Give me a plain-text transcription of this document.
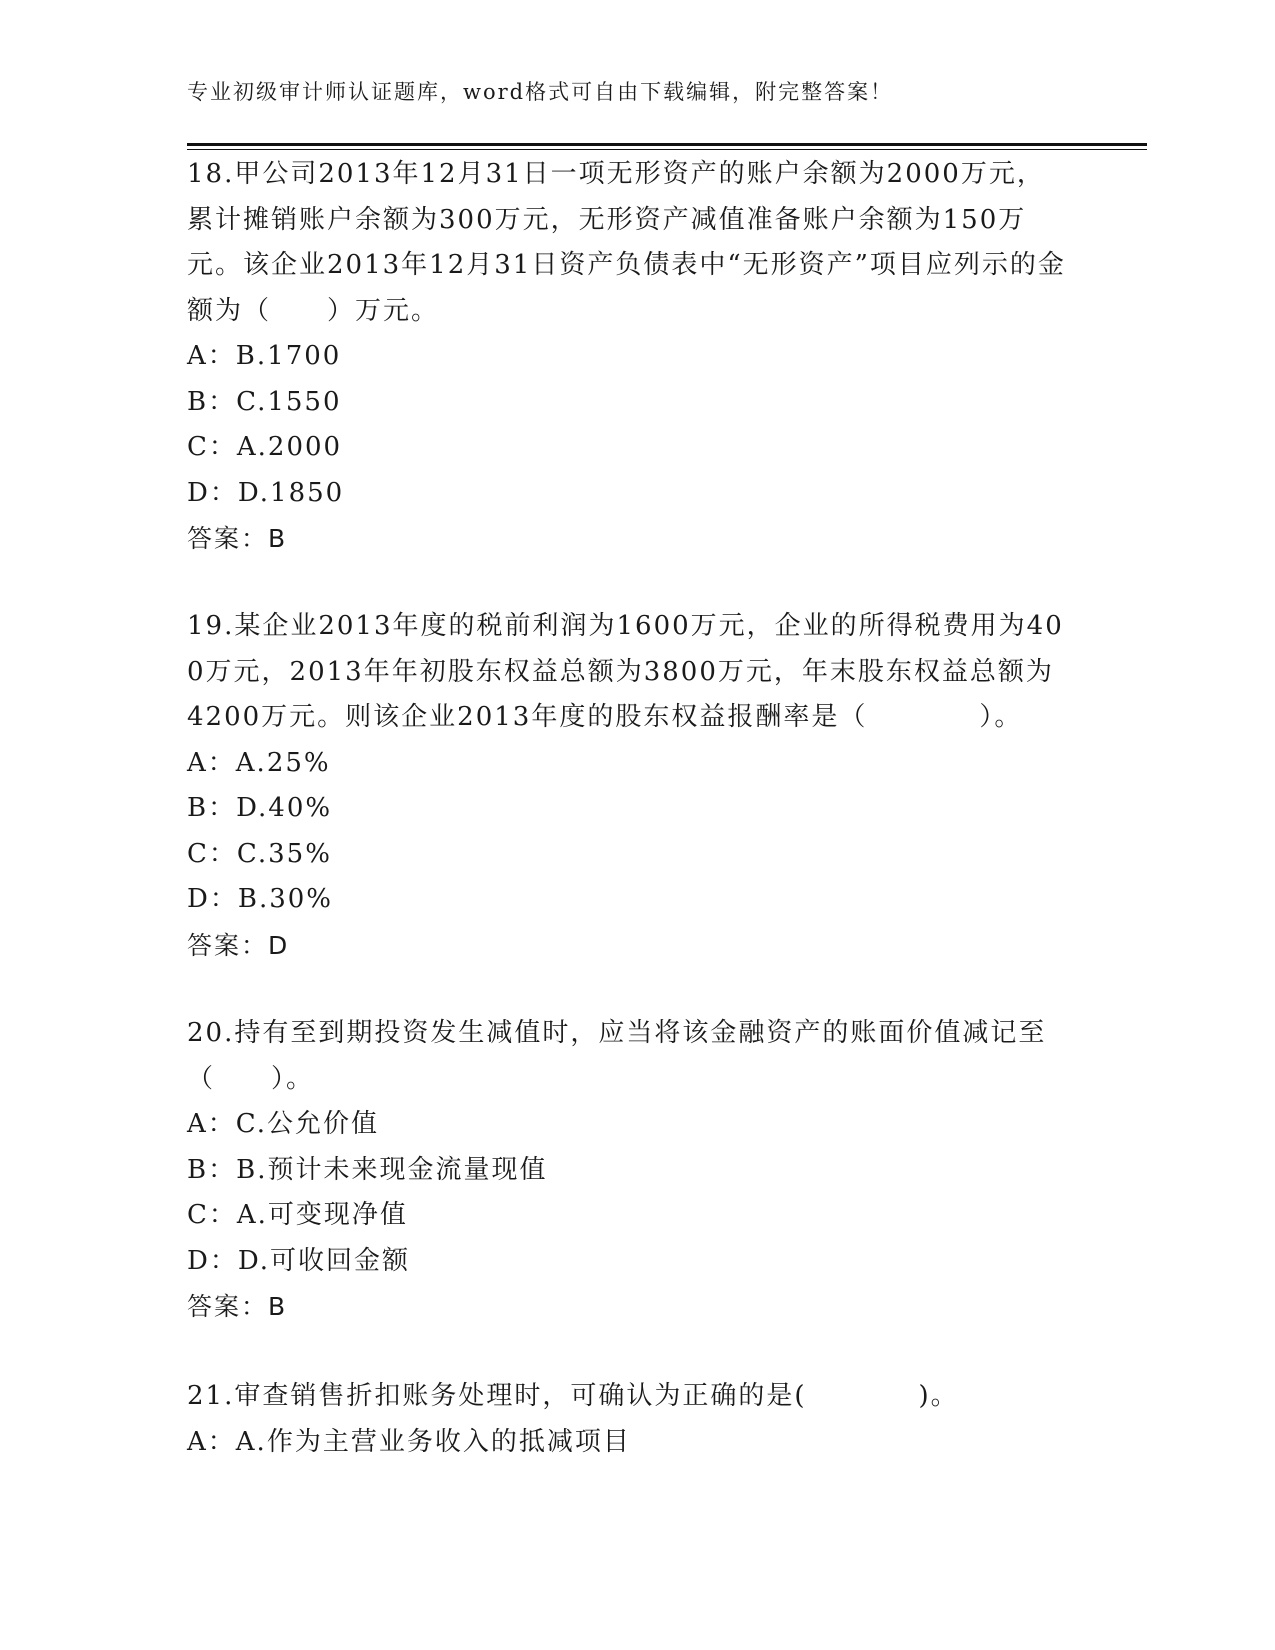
专业初级审计师认证题库，word格式可自由下载编辑，附完整答案！
18.甲公司2013年12月31日一项无形资产的账户余额为2000万元，累计摊销账户余额为300万元，无形资产减值准备账户余额为150万元。该企业2013年12月31日资产负债表中“无形资产”项目应列示的金额为（　　）万元。
A：B.1700
B：C.1550
C：A.2000
D：D.1850
答案：B
19.某企业2013年度的税前利润为1600万元，企业的所得税费用为400万元，2013年年初股东权益总额为3800万元，年末股东权益总额为4200万元。则该企业2013年度的股东权益报酬率是（　　　　）。
A：A.25%
B：D.40%
C：C.35%
D：B.30%
答案：D
20.持有至到期投资发生减值时，应当将该金融资产的账面价值减记至（　　）。
A：C.公允价值
B：B.预计未来现金流量现值
C：A.可变现净值
D：D.可收回金额
答案：B
21.审查销售折扣账务处理时，可确认为正确的是(　　　　)。
A：A.作为主营业务收入的抵减项目
